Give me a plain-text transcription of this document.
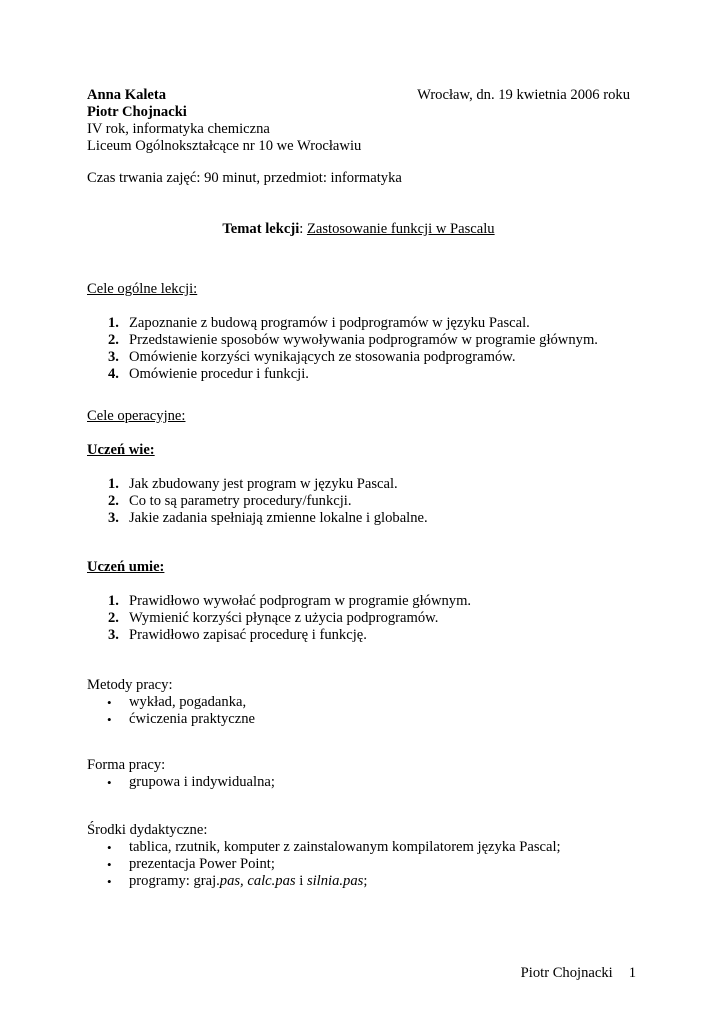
Anna Kaleta
Piotr Chojnacki
IV rok, informatyka chemiczna
Liceum Ogólnokształcące nr 10 we Wrocławiu
Wrocław, dn. 19 kwietnia 2006 roku
Czas trwania zajęć: 90 minut, przedmiot: informatyka
Temat lekcji: Zastosowanie funkcji w Pascalu
Cele ogólne lekcji:
1. Zapoznanie z budową programów i podprogramów w języku Pascal.
2. Przedstawienie sposobów wywoływania podprogramów w programie głównym.
3. Omówienie korzyści wynikających ze stosowania podprogramów.
4. Omówienie procedur i funkcji.
Cele operacyjne:
Uczeń wie:
1. Jak zbudowany jest program w języku Pascal.
2. Co to są parametry procedury/funkcji.
3. Jakie zadania spełniają zmienne lokalne i globalne.
Uczeń umie:
1. Prawidłowo wywołać podprogram w programie głównym.
2. Wymienić korzyści płynące z użycia podprogramów.
3. Prawidłowo zapisać procedurę i funkcję.
Metody pracy:
• wykład, pogadanka,
• ćwiczenia praktyczne
Forma pracy:
• grupowa i indywidualna;
Środki dydaktyczne:
• tablica, rzutnik, komputer z zainstalowanym kompilatorem języka Pascal;
• prezentacja Power Point;
• programy: graj.pas, calc.pas i silnia.pas;
Piotr Chojnacki 1
